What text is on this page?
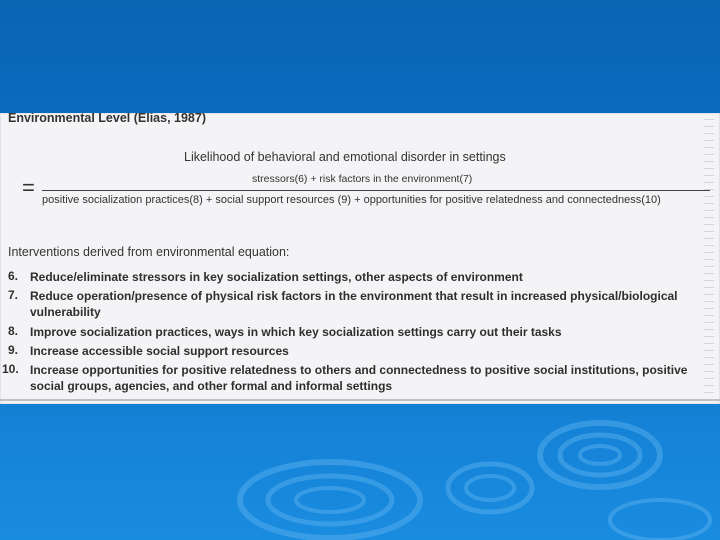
Environmental Level (Elias, 1987)
Likelihood of behavioral and emotional disorder in settings
=	stressors(6) + risk factors in the environment(7)
positive socialization practices(8) + social support resources (9) + opportunities for positive relatedness and connectedness(10)
Interventions derived from environmental equation:
6. Reduce/eliminate stressors in key socialization settings, other aspects of environment
7. Reduce operation/presence of physical risk factors in the environment that result in increased physical/biological vulnerability
8. Improve socialization practices, ways in which key socialization settings carry out their tasks
9. Increase accessible social support resources
10. Increase opportunities for positive relatedness to others and connectedness to positive social institutions, positive social groups, agencies, and other formal and informal settings
